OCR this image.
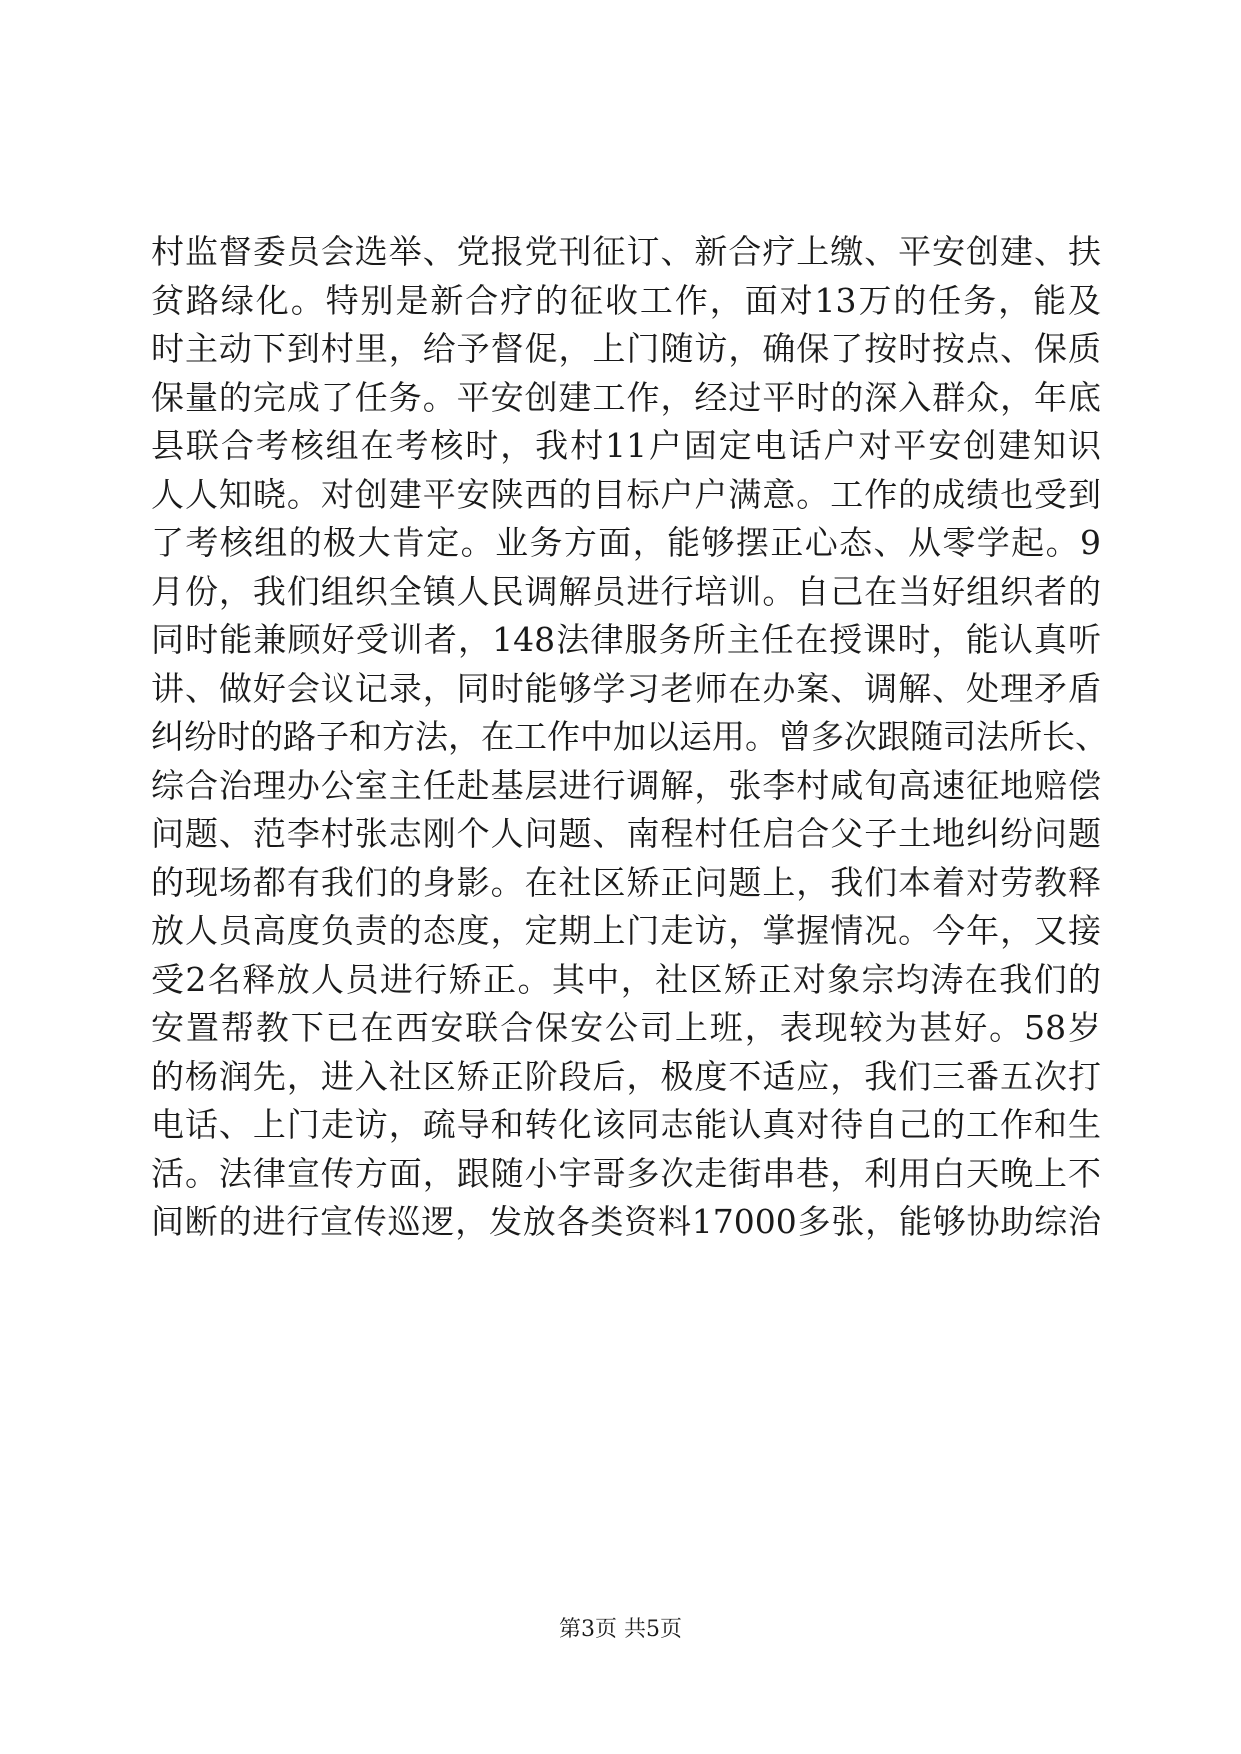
村监督委员会选举、党报党刊征订、新合疗上缴、平安创建、扶
贫路绿化。特别是新合疗的征收工作，面对13万的任务，能及
时主动下到村里，给予督促，上门随访，确保了按时按点、保质
保量的完成了任务。平安创建工作，经过平时的深入群众，年底
县联合考核组在考核时，我村11户固定电话户对平安创建知识
人人知晓。对创建平安陕西的目标户户满意。工作的成绩也受到
了考核组的极大肯定。业务方面，能够摆正心态、从零学起。9
月份，我们组织全镇人民调解员进行培训。自己在当好组织者的
同时能兼顾好受训者，148法律服务所主任在授课时，能认真听
讲、做好会议记录，同时能够学习老师在办案、调解、处理矛盾
纠纷时的路子和方法，在工作中加以运用。曾多次跟随司法所长、
综合治理办公室主任赴基层进行调解，张李村咸旬高速征地赔偿
问题、范李村张志刚个人问题、南程村任启合父子土地纠纷问题
的现场都有我们的身影。在社区矫正问题上，我们本着对劳教释
放人员高度负责的态度，定期上门走访，掌握情况。今年，又接
受2名释放人员进行矫正。其中，社区矫正对象宗均涛在我们的
安置帮教下已在西安联合保安公司上班，表现较为甚好。58岁
的杨润先，进入社区矫正阶段后，极度不适应，我们三番五次打
电话、上门走访，疏导和转化该同志能认真对待自己的工作和生
活。法律宣传方面，跟随小宇哥多次走街串巷，利用白天晚上不
间断的进行宣传巡逻，发放各类资料17000多张，能够协助综治
第3页 共5页
